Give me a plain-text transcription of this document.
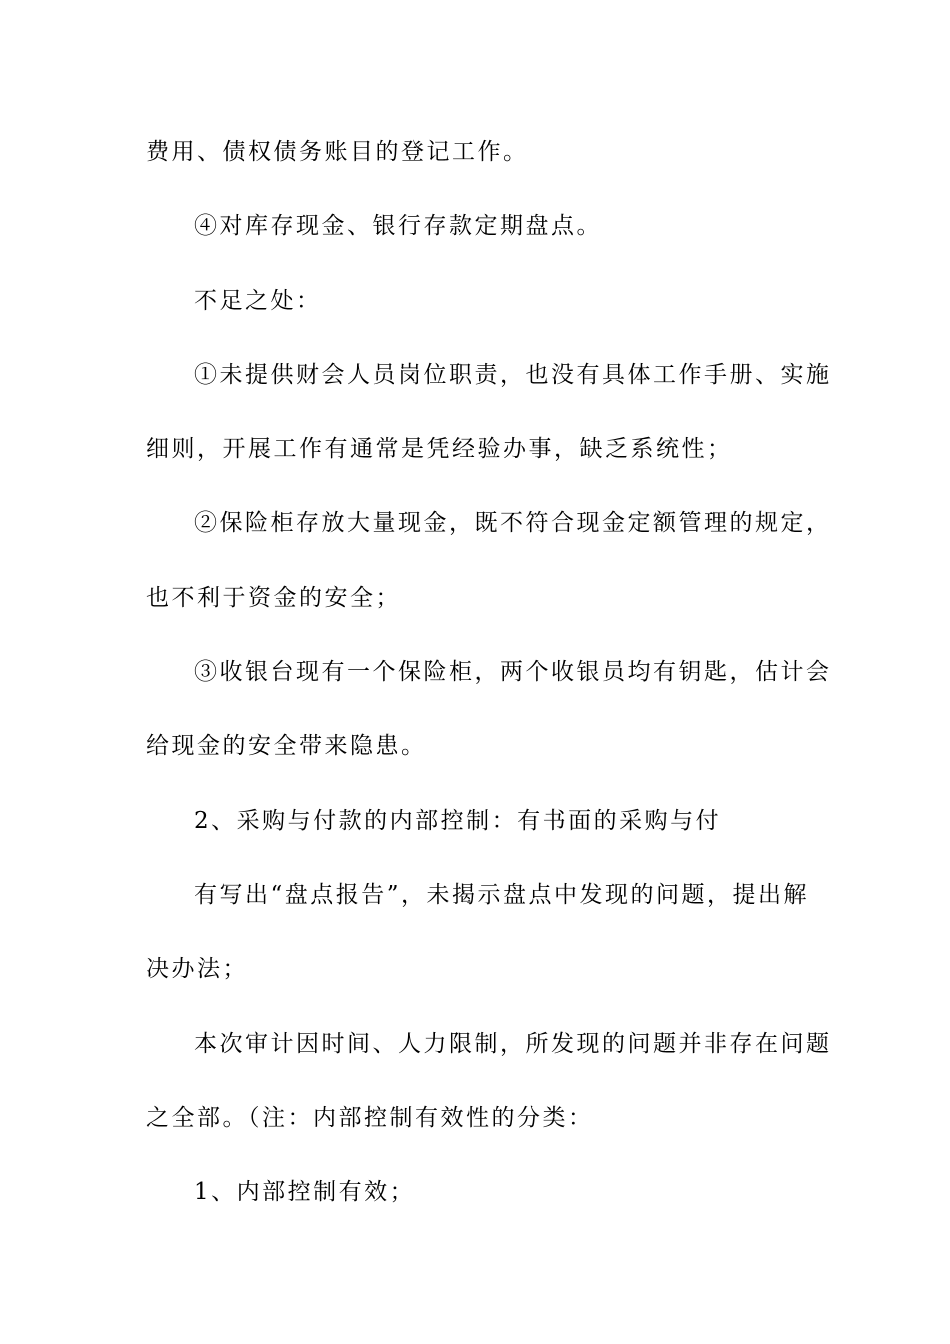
费用、债权债务账目的登记工作。
④对库存现金、银行存款定期盘点。
不足之处：
①未提供财会人员岗位职责，也没有具体工作手册、实施
细则，开展工作有通常是凭经验办事，缺乏系统性；
②保险柜存放大量现金，既不符合现金定额管理的规定，
也不利于资金的安全；
③收银台现有一个保险柜，两个收银员均有钥匙，估计会
给现金的安全带来隐患。
2、采购与付款的内部控制：有书面的采购与付
有写出“盘点报告”，未揭示盘点中发现的问题，提出解
决办法；
本次审计因时间、人力限制，所发现的问题并非存在问题
之全部。（注：内部控制有效性的分类：
1、内部控制有效；
